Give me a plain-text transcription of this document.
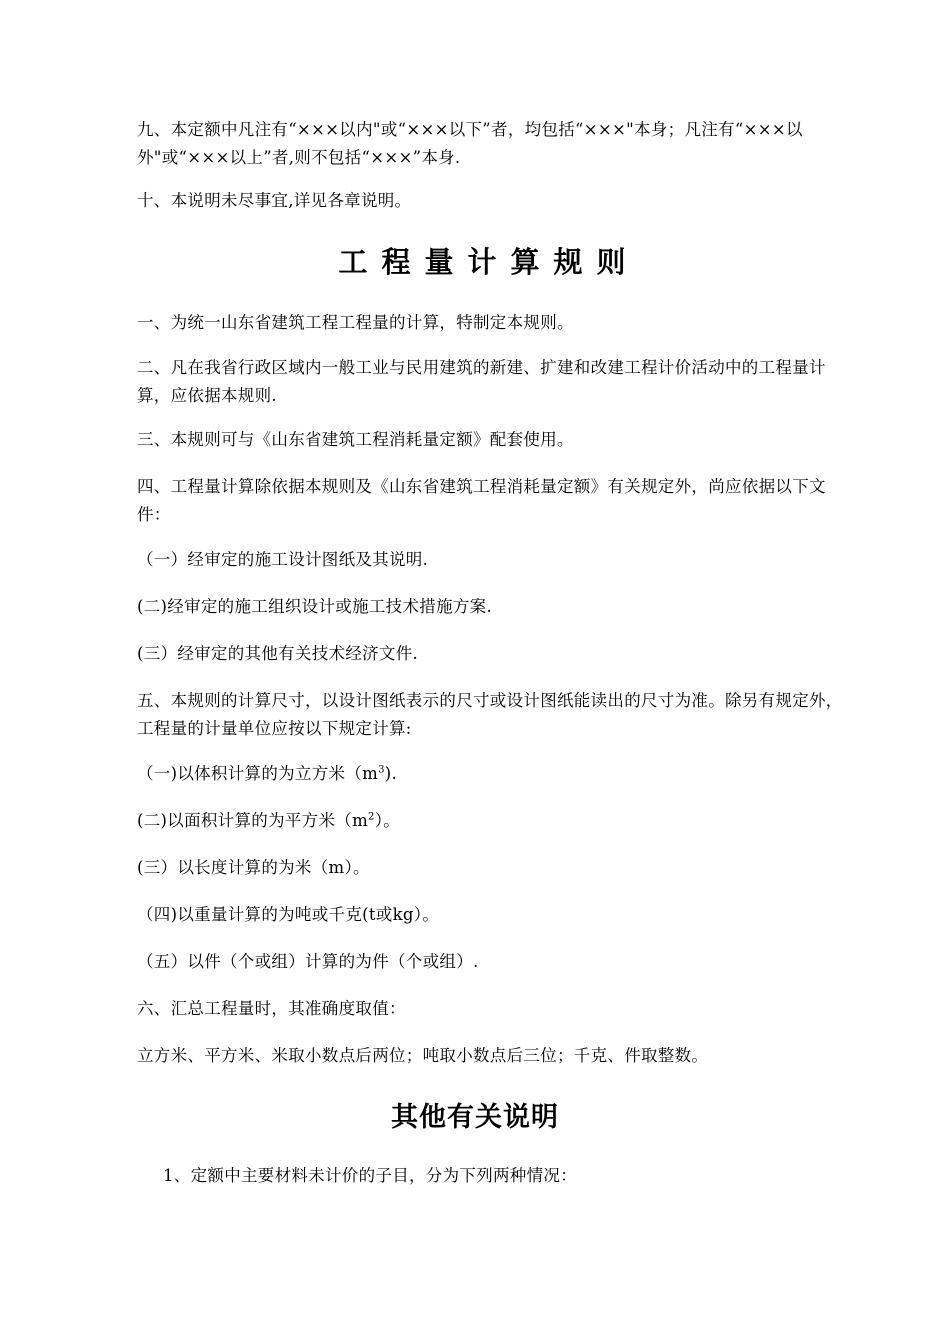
九、本定额中凡注有“×××以内"或“×××以下”者，均包括“×××"本身；凡注有“×××以外"或“×××以上”者,则不包括“×××”本身.

十、本说明未尽事宜,详见各章说明。

工程量计算规则

一、为统一山东省建筑工程工程量的计算，特制定本规则。

二、凡在我省行政区域内一般工业与民用建筑的新建、扩建和改建工程计价活动中的工程量计算，应依据本规则.

三、本规则可与《山东省建筑工程消耗量定额》配套使用。

四、工程量计算除依据本规则及《山东省建筑工程消耗量定额》有关规定外，尚应依据以下文件：

（一）经审定的施工设计图纸及其说明.

(二)经审定的施工组织设计或施工技术措施方案.

(三）经审定的其他有关技术经济文件.

五、本规则的计算尺寸，以设计图纸表示的尺寸或设计图纸能读出的尺寸为准。除另有规定外，工程量的计量单位应按以下规定计算:

（一)以体积计算的为立方米$(m^3)$.

(二)以面积计算的为平方米$(m^2)$。

(三）以长度计算的为米（m）。

（四)以重量计算的为吨或千克(t或kg）。

（五）以件（个或组）计算的为件（个或组）.

六、汇总工程量时，其准确度取值：

立方米、平方米、米取小数点后两位；吨取小数点后三位；千克、件取整数。

其他有关说明

1、定额中主要材料未计价的子目，分为下列两种情况：
